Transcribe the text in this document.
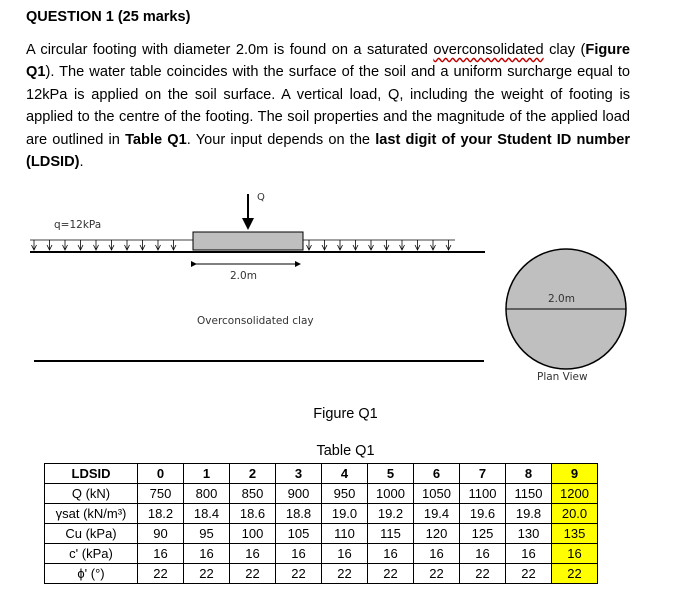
QUESTION 1 (25 marks)
A circular footing with diameter 2.0m is found on a saturated overconsolidated clay (Figure Q1). The water table coincides with the surface of the soil and a uniform surcharge equal to 12kPa is applied on the soil surface. A vertical load, Q, including the weight of footing is applied to the centre of the footing. The soil properties and the magnitude of the applied load are outlined in Table Q1. Your input depends on the last digit of your Student ID number (LDSID).
q=12kPa
Q
2.0m
Overconsolidated clay
2.0m
Plan View
Figure Q1
Table Q1
LDSID	0	1	2	3	4	5	6	7	8	9
Q (kN)	750	800	850	900	950	1000	1050	1100	1150	1200
γsat (kN/m³)	18.2	18.4	18.6	18.8	19.0	19.2	19.4	19.6	19.8	20.0
Cu (kPa)	90	95	100	105	110	115	120	125	130	135
c' (kPa)	16	16	16	16	16	16	16	16	16	16
ϕ' (°)	22	22	22	22	22	22	22	22	22	22
